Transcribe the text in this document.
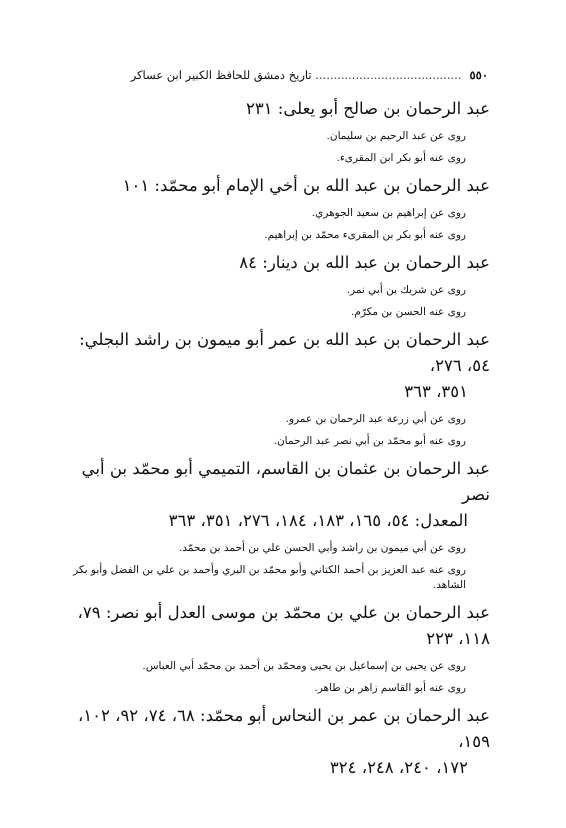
٥٥٠
........................................ تاريخ دمشق للحافظ الكبير ابن عساكر

عبد الرحمان بن صالح أبو يعلى: ٢٣١

روى عن عبد الرحيم بن سليمان.

روى عنه أبو بكر ابن المقرىء.

عبد الرحمان بن عبد الله بن أخي الإمام أبو محمّد: ١٠١

روى عن إبراهيم بن سعيد الجوهري.

روى عنه أبو بكر بن المقرىء محمّد بن إبراهيم.

عبد الرحمان بن عبد الله بن دينار: ٨٤

روى عن شريك بن أبي نمر.

روى عنه الحسن بن مكرّم.

عبد الرحمان بن عبد الله بن عمر أبو ميمون بن راشد البجلي: ٥٤، ٢٧٦،

٣٥١، ٣٦٣

روى عن أبي زرعة عبد الرحمان بن عمرو.

روى عنه أبو محمّد بن أبي نصر عبد الرحمان.

عبد الرحمان بن عثمان بن القاسم، التميمي أبو محمّد بن أبي نصر

المعدل: ٥٤، ١٦٥، ١٨٣، ١٨٤، ٢٧٦، ٣٥١، ٣٦٣

روى عن أبي ميمون بن راشد وأبي الحسن علي بن أحمد بن محمّد.

روى عنه عبد العزيز بن أحمد الكتاني وأبو محمّد بن البري وأحمد بن علي بن الفضل وأبو بكر الشاهد.

عبد الرحمان بن علي بن محمّد بن موسى العدل أبو نصر: ٧٩، ١١٨، ٢٢٣

روى عن يحيى بن إسماعيل بن يحيى ومحمّد بن أحمد بن محمّد أبي العباس.

روى عنه أبو القاسم زاهر بن طاهر.

عبد الرحمان بن عمر بن النحاس أبو محمّد: ٦٨، ٧٤، ٩٢، ١٠٢، ١٥٩،

١٧٢، ٢٤٠، ٢٤٨، ٣٢٤
